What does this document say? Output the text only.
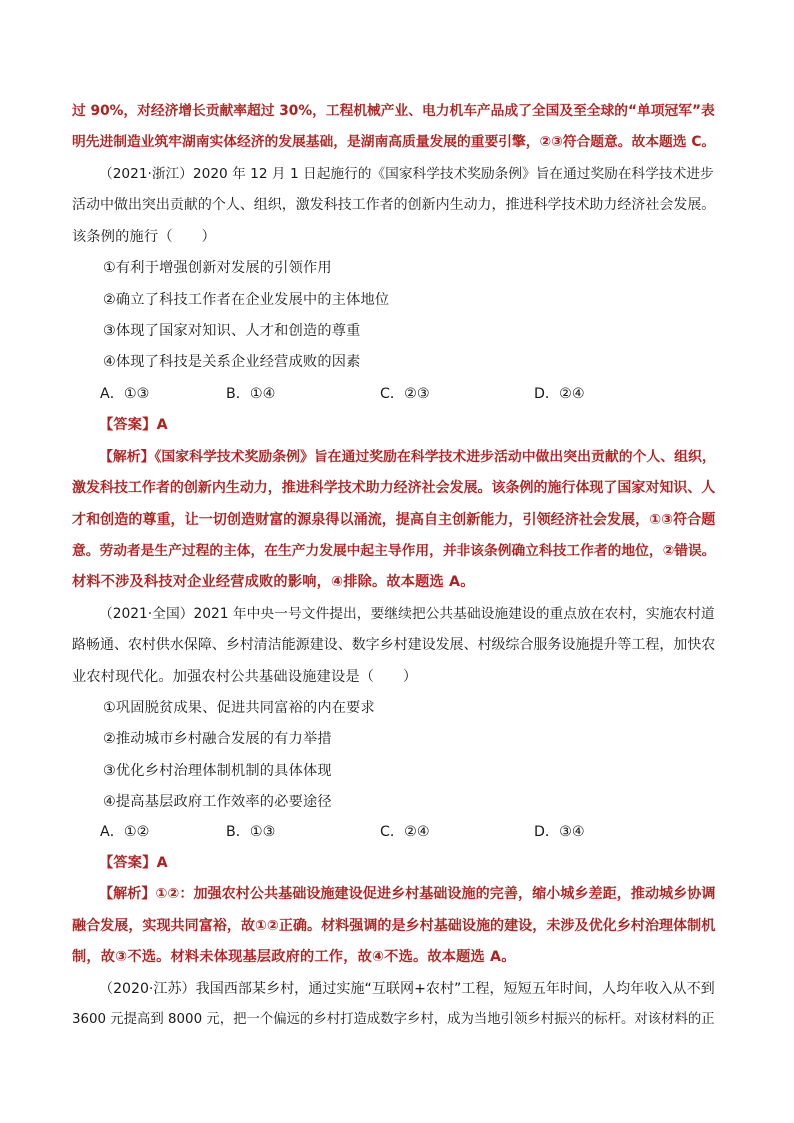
过 90%，对经济增长贡献率超过 30%，工程机械产业、电力机车产品成了全国及至全球的“单项冠军”表
明先进制造业筑牢湖南实体经济的发展基础，是湖南高质量发展的重要引擎，②③符合题意。故本题选 C。
（2021·浙江）2020 年 12 月 1 日起施行的《国家科学技术奖励条例》旨在通过奖励在科学技术进步
活动中做出突出贡献的个人、组织，激发科技工作者的创新内生动力，推进科学技术助力经济社会发展。
该条例的施行（　　）
①有利于增强创新对发展的引领作用
②确立了科技工作者在企业发展中的主体地位
③体现了国家对知识、人才和创造的尊重
④体现了科技是关系企业经营成败的因素
A．①③	B．①④	C．②③	D．②④
【答案】A
【解析】《国家科学技术奖励条例》旨在通过奖励在科学技术进步活动中做出突出贡献的个人、组织，
激发科技工作者的创新内生动力，推进科学技术助力经济社会发展。该条例的施行体现了国家对知识、人
才和创造的尊重，让一切创造财富的源泉得以涌流，提高自主创新能力，引领经济社会发展，①③符合题
意。劳动者是生产过程的主体，在生产力发展中起主导作用，并非该条例确立科技工作者的地位，②错误。
材料不涉及科技对企业经营成败的影响，④排除。故本题选 A。
（2021·全国）2021 年中央一号文件提出，要继续把公共基础设施建设的重点放在农村，实施农村道
路畅通、农村供水保障、乡村清洁能源建设、数字乡村建设发展、村级综合服务设施提升等工程，加快农
业农村现代化。加强农村公共基础设施建设是（　　）
①巩固脱贫成果、促进共同富裕的内在要求
②推动城市乡村融合发展的有力举措
③优化乡村治理体制机制的具体体现
④提高基层政府工作效率的必要途径
A．①②	B．①③	C．②④	D．③④
【答案】A
【解析】①②：加强农村公共基础设施建设促进乡村基础设施的完善，缩小城乡差距，推动城乡协调
融合发展，实现共同富裕，故①②正确。材料强调的是乡村基础设施的建设，未涉及优化乡村治理体制机
制，故③不选。材料未体现基层政府的工作，故④不选。故本题选 A。
（2020·江苏）我国西部某乡村，通过实施“互联网+农村”工程，短短五年时间，人均年收入从不到
3600 元提高到 8000 元，把一个偏远的乡村打造成数字乡村，成为当地引领乡村振兴的标杆。对该材料的正
